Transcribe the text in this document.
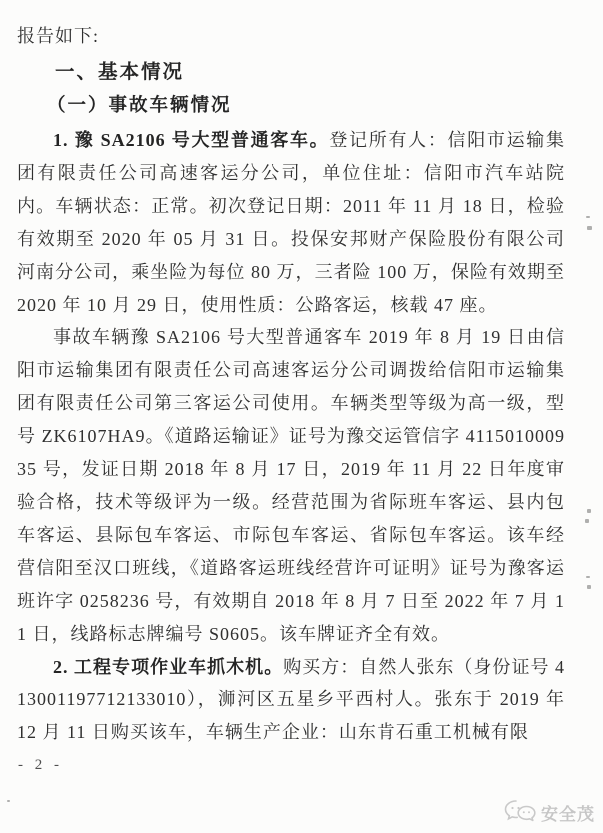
报告如下:

一、基本情况
（一）事故车辆情况

1. 豫 SA2106 号大型普通客车。登记所有人：信阳市运输集团有限责任公司高速客运分公司，单位住址：信阳市汽车站院内。车辆状态：正常。初次登记日期：2011 年 11 月 18 日，检验有效期至 2020 年 05 月 31 日。投保安邦财产保险股份有限公司河南分公司，乘坐险为每位 80 万，三者险 100 万，保险有效期至 2020 年 10 月 29 日，使用性质：公路客运，核载 47 座。

事故车辆豫 SA2106 号大型普通客车 2019 年 8 月 19 日由信阳市运输集团有限责任公司高速客运分公司调拨给信阳市运输集团有限责任公司第三客运公司使用。车辆类型等级为高一级，型号 ZK6107HA9。《道路运输证》证号为豫交运管信字 411501000935 号，发证日期 2018 年 8 月 17 日，2019 年 11 月 22 日年度审验合格，技术等级评为一级。经营范围为省际班车客运、县内包车客运、县际包车客运、市际包车客运、省际包车客运。该车经营信阳至汉口班线，《道路客运班线经营许可证明》证号为豫客运班许字 0258236 号，有效期自 2018 年 8 月 7 日至 2022 年 7 月 11 日，线路标志牌编号 S0605。该车牌证齐全有效。

2. 工程专项作业车抓木机。购买方：自然人张东（身份证号 413001197712133010），浉河区五星乡平西村人。张东于 2019 年 12 月 11 日购买该车，车辆生产企业：山东肯石重工机械有限

- 2 -
安全茂
